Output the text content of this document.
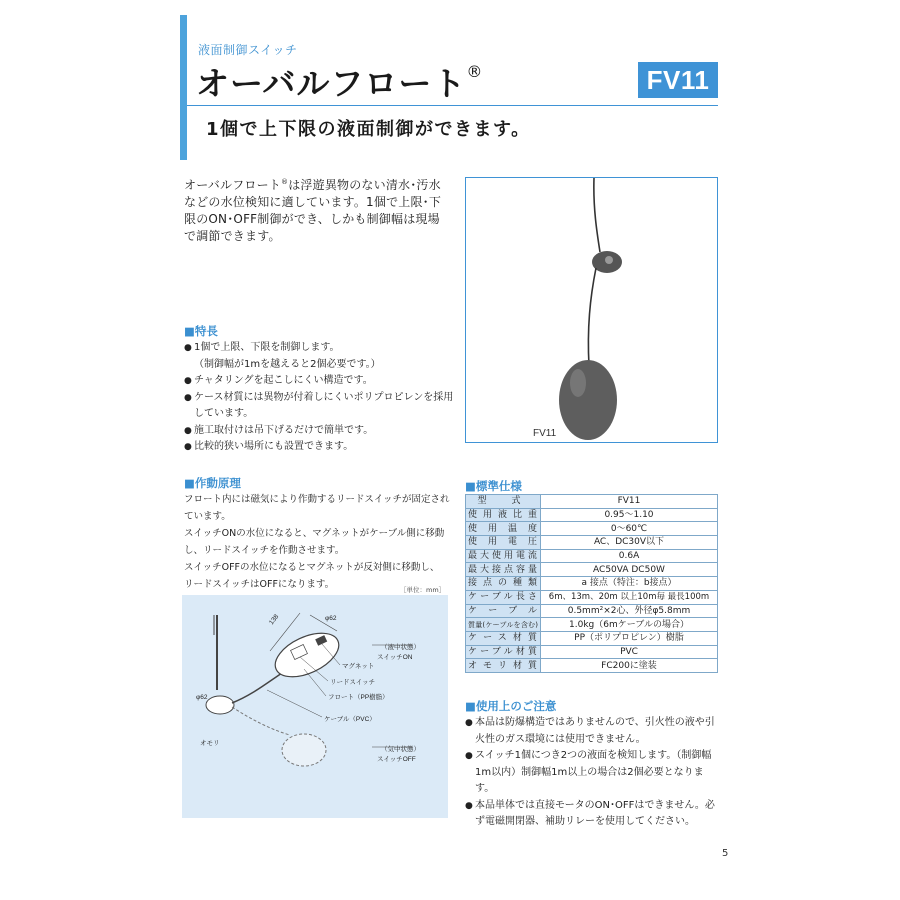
液面制御スイッチ
オーバルフロート®	FV11
1個で上下限の液面制御ができます。

オーバルフロート®は浮遊異物のない清水･汚水などの水位検知に適しています。1個で上限･下限のON･OFF制御ができ、しかも制御幅は現場で調節できます。

FV11
■特長
● 1個で上限、下限を制御します。
（制御幅が1mを越えると2個必要です。）
● チャタリングを起こしにくい構造です。
● ケース材質には異物が付着しにくいポリプロピレンを採用
しています。
● 施工取付けは吊下げるだけで簡単です。
● 比較的狭い場所にも設置できます。
■作動原理
フロート内には磁気により作動するリードスイッチが固定され
ています。
スイッチONの水位になると、マグネットがケーブル側に移動
し、リードスイッチを作動させます。
スイッチOFFの水位になるとマグネットが反対側に移動し、
リードスイッチはOFFになります。	［単位：mm］
138	φ62
（液中状態）
スイッチON
（気中状態）
スイッチOFF
マグネット
リードスイッチ
フロート（PP樹脂）
ケーブル（PVC）
φ62
オモリ
■標準仕様
型　式	FV11
使用液比重	0.95～1.10
使用温度	0～60℃
使用電圧	AC、DC30V以下
最大使用電流	0.6A
最大接点容量	AC50VA DC50W
接点の種類	a 接点（特注：b接点）
ケーブル長さ	6m、13m、20m 以上10m毎 最長100m
ケーブル	0.5mm²×2心、外径φ5.8mm
質量(ケーブルを含む)	1.0kg（6mケーブルの場合）
ケース材質	PP（ポリプロピレン）樹脂
ケーブル材質	PVC
オモリ材質	FC200に塗装
■使用上のご注意
● 本品は防爆構造ではありませんので、引火性の液や引火性のガス環境には使用できません。
● スイッチ1個につき2つの液面を検知します。（制御幅1m以内）制御幅1m以上の場合は2個必要となります。
● 本品単体では直接モータのON･OFFはできません。必ず電磁開閉器、補助リレーを使用してください。
5
